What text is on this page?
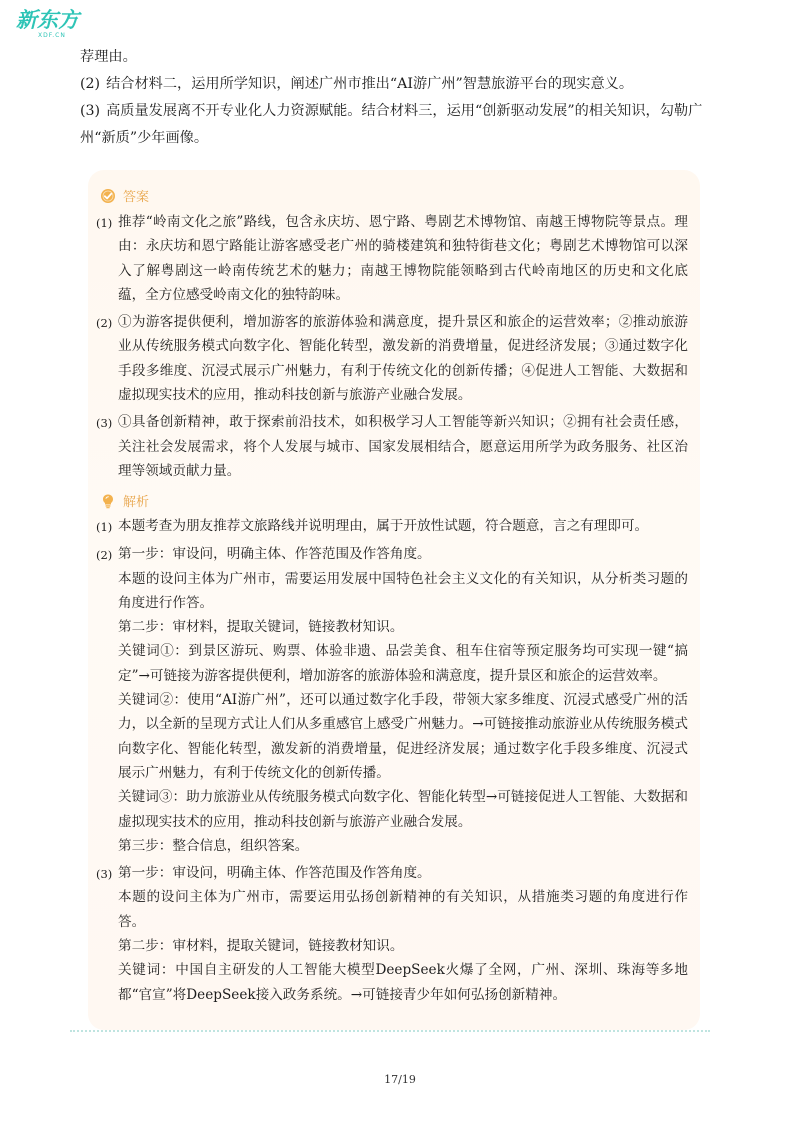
新东方
XDF.CN

荐理由。

(2) 结合材料二，运用所学知识，阐述广州市推出“AI游广州”智慧旅游平台的现实意义。

(3) 高质量发展离不开专业化人力资源赋能。结合材料三，运用“创新驱动发展”的相关知识，勾勒广州“新质”少年画像。

答案
(1) 推荐“岭南文化之旅”路线，包含永庆坊、恩宁路、粤剧艺术博物馆、南越王博物院等景点。理由：永庆坊和恩宁路能让游客感受老广州的骑楼建筑和独特街巷文化；粤剧艺术博物馆可以深入了解粤剧这一岭南传统艺术的魅力；南越王博物院能领略到古代岭南地区的历史和文化底蕴，全方位感受岭南文化的独特韵味。

(2) ①为游客提供便利，增加游客的旅游体验和满意度，提升景区和旅企的运营效率；②推动旅游业从传统服务模式向数字化、智能化转型，激发新的消费增量，促进经济发展；③通过数字化手段多维度、沉浸式展示广州魅力，有利于传统文化的创新传播；④促进人工智能、大数据和虚拟现实技术的应用，推动科技创新与旅游产业融合发展。

(3) ①具备创新精神，敢于探索前沿技术，如积极学习人工智能等新兴知识；②拥有社会责任感，关注社会发展需求，将个人发展与城市、国家发展相结合，愿意运用所学为政务服务、社区治理等领域贡献力量。

解析
(1) 本题考查为朋友推荐文旅路线并说明理由，属于开放性试题，符合题意，言之有理即可。

(2) 第一步：审设问，明确主体、作答范围及作答角度。

本题的设问主体为广州市，需要运用发展中国特色社会主义文化的有关知识，从分析类习题的角度进行作答。

第二步：审材料，提取关键词，链接教材知识。

关键词①：到景区游玩、购票、体验非遗、品尝美食、租车住宿等预定服务均可实现一键“搞定”→可链接为游客提供便利，增加游客的旅游体验和满意度，提升景区和旅企的运营效率。

关键词②：使用“AI游广州”，还可以通过数字化手段，带领大家多维度、沉浸式感受广州的活力，以全新的呈现方式让人们从多重感官上感受广州魅力。→可链接推动旅游业从传统服务模式向数字化、智能化转型，激发新的消费增量，促进经济发展；通过数字化手段多维度、沉浸式展示广州魅力，有利于传统文化的创新传播。

关键词③：助力旅游业从传统服务模式向数字化、智能化转型→可链接促进人工智能、大数据和虚拟现实技术的应用，推动科技创新与旅游产业融合发展。

第三步：整合信息，组织答案。

(3) 第一步：审设问，明确主体、作答范围及作答角度。

本题的设问主体为广州市，需要运用弘扬创新精神的有关知识，从措施类习题的角度进行作答。

第二步：审材料，提取关键词，链接教材知识。

关键词：中国自主研发的人工智能大模型DeepSeek火爆了全网，广州、深圳、珠海等多地都“官宣”将DeepSeek接入政务系统。→可链接青少年如何弘扬创新精神。

17/19
